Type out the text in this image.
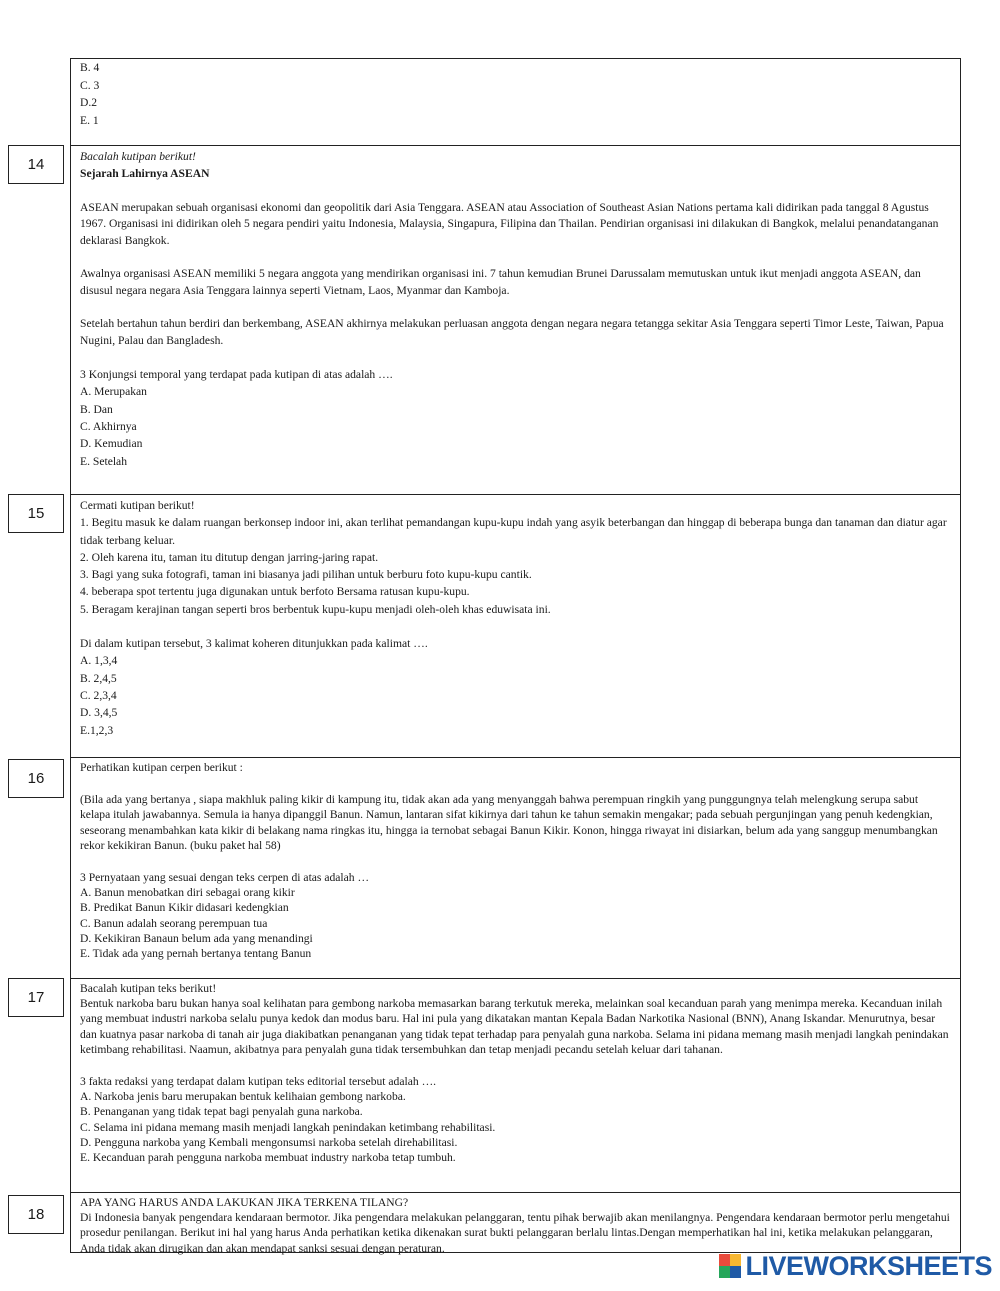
B. 4

C. 3

D.2

E. 1

14	Bacalah kutipan berikut!

Sejarah Lahirnya ASEAN

ASEAN merupakan sebuah organisasi ekonomi dan geopolitik dari Asia Tenggara. ASEAN atau Association of Southeast Asian Nations pertama kali didirikan pada tanggal 8 Agustus 1967. Organisasi ini didirikan oleh 5 negara pendiri yaitu Indonesia, Malaysia, Singapura, Filipina dan Thailan. Pendirian organisasi ini dilakukan di Bangkok, melalui penandatanganan deklarasi Bangkok.

Awalnya organisasi ASEAN memiliki 5 negara anggota yang mendirikan organisasi ini. 7 tahun kemudian Brunei Darussalam memutuskan untuk ikut menjadi anggota ASEAN, dan disusul negara negara Asia Tenggara lainnya seperti Vietnam, Laos, Myanmar dan Kamboja.

Setelah bertahun tahun berdiri dan berkembang, ASEAN akhirnya melakukan perluasan anggota dengan negara negara tetangga sekitar Asia Tenggara seperti Timor Leste, Taiwan, Papua Nugini, Palau dan Bangladesh.

3 Konjungsi temporal yang terdapat pada kutipan di atas adalah ….

A. Merupakan

B. Dan

C. Akhirnya

D. Kemudian

E. Setelah

15	Cermati kutipan berikut!

1. Begitu masuk ke dalam ruangan berkonsep indoor ini, akan terlihat pemandangan kupu-kupu indah yang asyik beterbangan dan hinggap di beberapa bunga dan tanaman dan diatur agar tidak terbang keluar.

2. Oleh karena itu, taman itu ditutup dengan jarring-jaring rapat.

3. Bagi yang suka fotografi, taman ini biasanya jadi pilihan untuk berburu foto kupu-kupu cantik.

4. beberapa spot tertentu juga digunakan untuk berfoto Bersama ratusan kupu-kupu.

5. Beragam kerajinan tangan seperti bros berbentuk kupu-kupu menjadi oleh-oleh khas eduwisata ini.

Di dalam kutipan tersebut, 3 kalimat koheren ditunjukkan pada kalimat ….

A. 1,3,4

B. 2,4,5

C. 2,3,4

D. 3,4,5

E.1,2,3

16

Perhatikan kutipan cerpen berikut :

(Bila ada yang bertanya , siapa makhluk paling kikir di kampung itu, tidak akan ada yang menyanggah bahwa perempuan ringkih yang punggungnya telah melengkung serupa sabut kelapa itulah jawabannya. Semula ia hanya dipanggil Banun. Namun, lantaran sifat kikirnya dari tahun ke tahun semakin mengakar; pada sebuah pergunjingan yang penuh kedengkian, seseorang menambahkan kata kikir di belakang nama ringkas itu, hingga ia ternobat sebagai Banun Kikir. Konon, hingga riwayat ini disiarkan, belum ada yang sanggup menumbangkan rekor kekikiran Banun. (buku paket hal 58)

3 Pernyataan yang sesuai dengan teks cerpen di atas adalah …

A. Banun menobatkan diri sebagai orang kikir

B. Predikat Banun Kikir didasari kedengkian

C. Banun adalah seorang perempuan tua

D. Kekikiran Banaun belum ada yang menandingi

E. Tidak ada yang pernah bertanya tentang Banun

17

Bacalah kutipan teks berikut!

Bentuk narkoba baru bukan hanya soal kelihatan para gembong narkoba memasarkan barang terkutuk mereka, melainkan soal kecanduan parah yang menimpa mereka. Kecanduan inilah yang membuat industri narkoba selalu punya kedok dan modus baru. Hal ini pula yang dikatakan mantan Kepala Badan Narkotika Nasional (BNN), Anang Iskandar. Menurutnya, besar dan kuatnya pasar narkoba di tanah air juga diakibatkan penanganan yang tidak tepat terhadap para penyalah guna narkoba. Selama ini pidana memang masih menjadi langkah penindakan ketimbang rehabilitasi. Naamun, akibatnya para penyalah guna tidak tersembuhkan dan tetap menjadi pecandu setelah keluar dari tahanan.

3 fakta redaksi yang terdapat dalam kutipan teks editorial tersebut adalah ….

A. Narkoba jenis baru merupakan bentuk kelihaian gembong narkoba.

B. Penanganan yang tidak tepat bagi penyalah guna narkoba.

C. Selama ini pidana memang masih menjadi langkah penindakan ketimbang rehabilitasi.

D. Pengguna narkoba yang Kembali mengonsumsi narkoba setelah direhabilitasi.

E. Kecanduan parah pengguna narkoba membuat industry narkoba tetap tumbuh.

18

APA YANG HARUS ANDA LAKUKAN JIKA TERKENA TILANG?

Di Indonesia banyak pengendara kendaraan bermotor. Jika pengendara melakukan pelanggaran, tentu pihak berwajib akan menilangnya. Pengendara kendaraan bermotor perlu mengetahui prosedur penilangan. Berikut ini hal yang harus Anda perhatikan ketika dikenakan surat bukti pelanggaran berlalu lintas.Dengan memperhatikan hal ini, ketika melakukan pelanggaran, Anda tidak akan dirugikan dan akan mendapat sanksi sesuai dengan peraturan.

LIVEWORKSHEETS
